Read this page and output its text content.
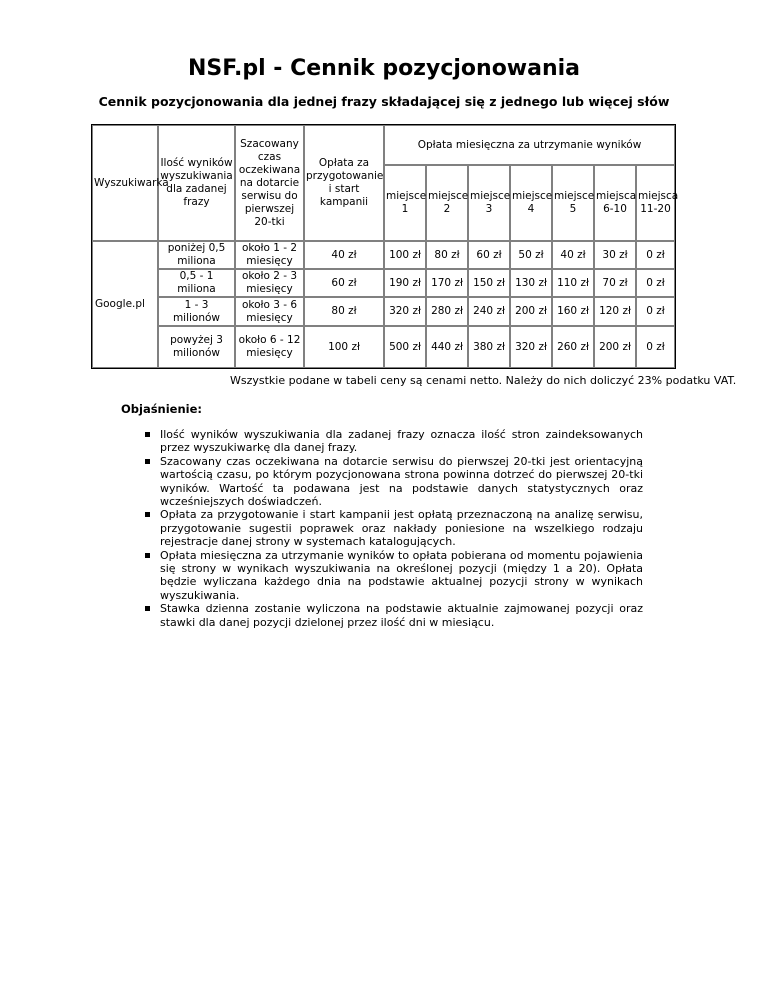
NSF.pl - Cennik pozycjonowania
Cennik pozycjonowania dla jednej frazy składającej się z jednego lub więcej słów
Wyszukiwarka	Ilość wyników wyszukiwania dla zadanej frazy	Szacowany czas oczekiwana na dotarcie serwisu do pierwszej 20-tki	Opłata za przygotowanie i start kampanii	Opłata miesięczna za utrzymanie wyników						
				miejsce 1	miejsce 2	miejsce 3	miejsce 4	miejsce 5	miejsca 6-10	miejsca 11-20
Google.pl	poniżej 0,5 miliona	około 1 - 2 miesięcy	40 zł	100 zł	80 zł	60 zł	50 zł	40 zł	30 zł	0 zł
	0,5 - 1 miliona	około 2 - 3 miesięcy	60 zł	190 zł	170 zł	150 zł	130 zł	110 zł	70 zł	0 zł
	1 - 3 milionów	około 3 - 6 miesięcy	80 zł	320 zł	280 zł	240 zł	200 zł	160 zł	120 zł	0 zł
	powyżej 3 milionów	około 6 - 12 miesięcy	100 zł	500 zł	440 zł	380 zł	320 zł	260 zł	200 zł	0 zł
Wszystkie podane w tabeli ceny są cenami netto. Należy do nich doliczyć 23% podatku VAT.
Objaśnienie:
Ilość wyników wyszukiwania dla zadanej frazy oznacza ilość stron zaindeksowanych przez wyszukiwarkę dla danej frazy.
Szacowany czas oczekiwana na dotarcie serwisu do pierwszej 20-tki jest orientacyjną wartością czasu, po którym pozycjonowana strona powinna dotrzeć do pierwszej 20-tki wyników. Wartość ta podawana jest na podstawie danych statystycznych oraz wcześniejszych doświadczeń.
Opłata za przygotowanie i start kampanii jest opłatą przeznaczoną na analizę serwisu, przygotowanie sugestii poprawek oraz nakłady poniesione na wszelkiego rodzaju rejestracje danej strony w systemach katalogujących.
Opłata miesięczna za utrzymanie wyników to opłata pobierana od momentu pojawienia się strony w wynikach wyszukiwania na określonej pozycji (między 1 a 20). Opłata będzie wyliczana każdego dnia na podstawie aktualnej pozycji strony w wynikach wyszukiwania.
Stawka dzienna zostanie wyliczona na podstawie aktualnie zajmowanej pozycji oraz stawki dla danej pozycji dzielonej przez ilość dni w miesiącu.
